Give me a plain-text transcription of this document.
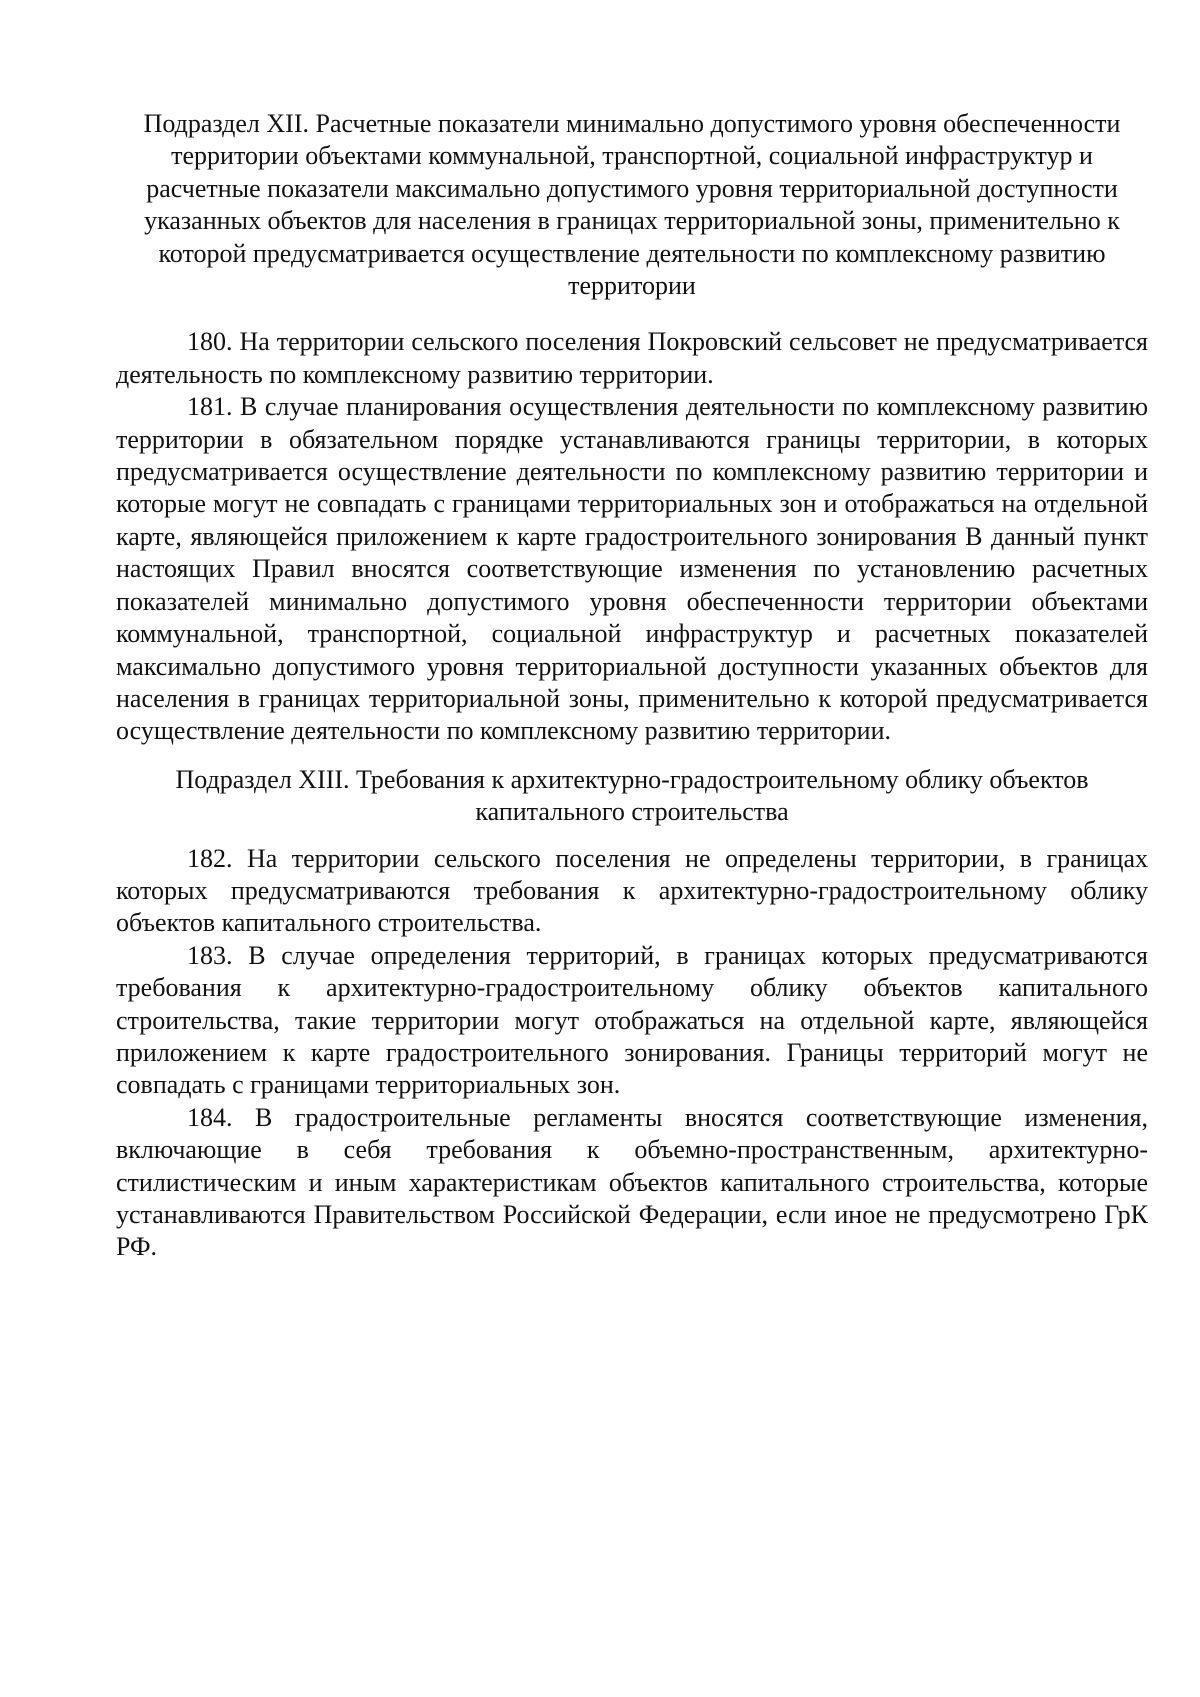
Подраздел XII. Расчетные показатели минимально допустимого уровня обеспеченности территории объектами коммунальной, транспортной, социальной инфраструктур и расчетные показатели максимально допустимого уровня территориальной доступности указанных объектов для населения в границах территориальной зоны, применительно к которой предусматривается осуществление деятельности по комплексному развитию территории

180. На территории сельского поселения Покровский сельсовет не предусматривается деятельность по комплексному развитию территории.

181. В случае планирования осуществления деятельности по комплексному развитию территории в обязательном порядке устанавливаются границы территории, в которых предусматривается осуществление деятельности по комплексному развитию территории и которые могут не совпадать с границами территориальных зон и отображаться на отдельной карте, являющейся приложением к карте градостроительного зонирования В данный пункт настоящих Правил вносятся соответствующие изменения по установлению расчетных показателей минимально допустимого уровня обеспеченности территории объектами коммунальной, транспортной, социальной инфраструктур и расчетных показателей максимально допустимого уровня территориальной доступности указанных объектов для населения в границах территориальной зоны, применительно к которой предусматривается осуществление деятельности по комплексному развитию территории.

Подраздел XIII. Требования к архитектурно-градостроительному облику объектов капитального строительства

182. На территории сельского поселения не определены территории, в границах которых предусматриваются требования к архитектурно-градостроительному облику объектов капитального строительства.

183. В случае определения территорий, в границах которых предусматриваются требования к архитектурно-градостроительному облику объектов капитального строительства, такие территории могут отображаться на отдельной карте, являющейся приложением к карте градостроительного зонирования. Границы территорий могут не совпадать с границами территориальных зон.

184. В градостроительные регламенты вносятся соответствующие изменения, включающие в себя требования к объемно-пространственным, архитектурно-стилистическим и иным характеристикам объектов капитального строительства, которые устанавливаются Правительством Российской Федерации, если иное не предусмотрено ГрК РФ.
